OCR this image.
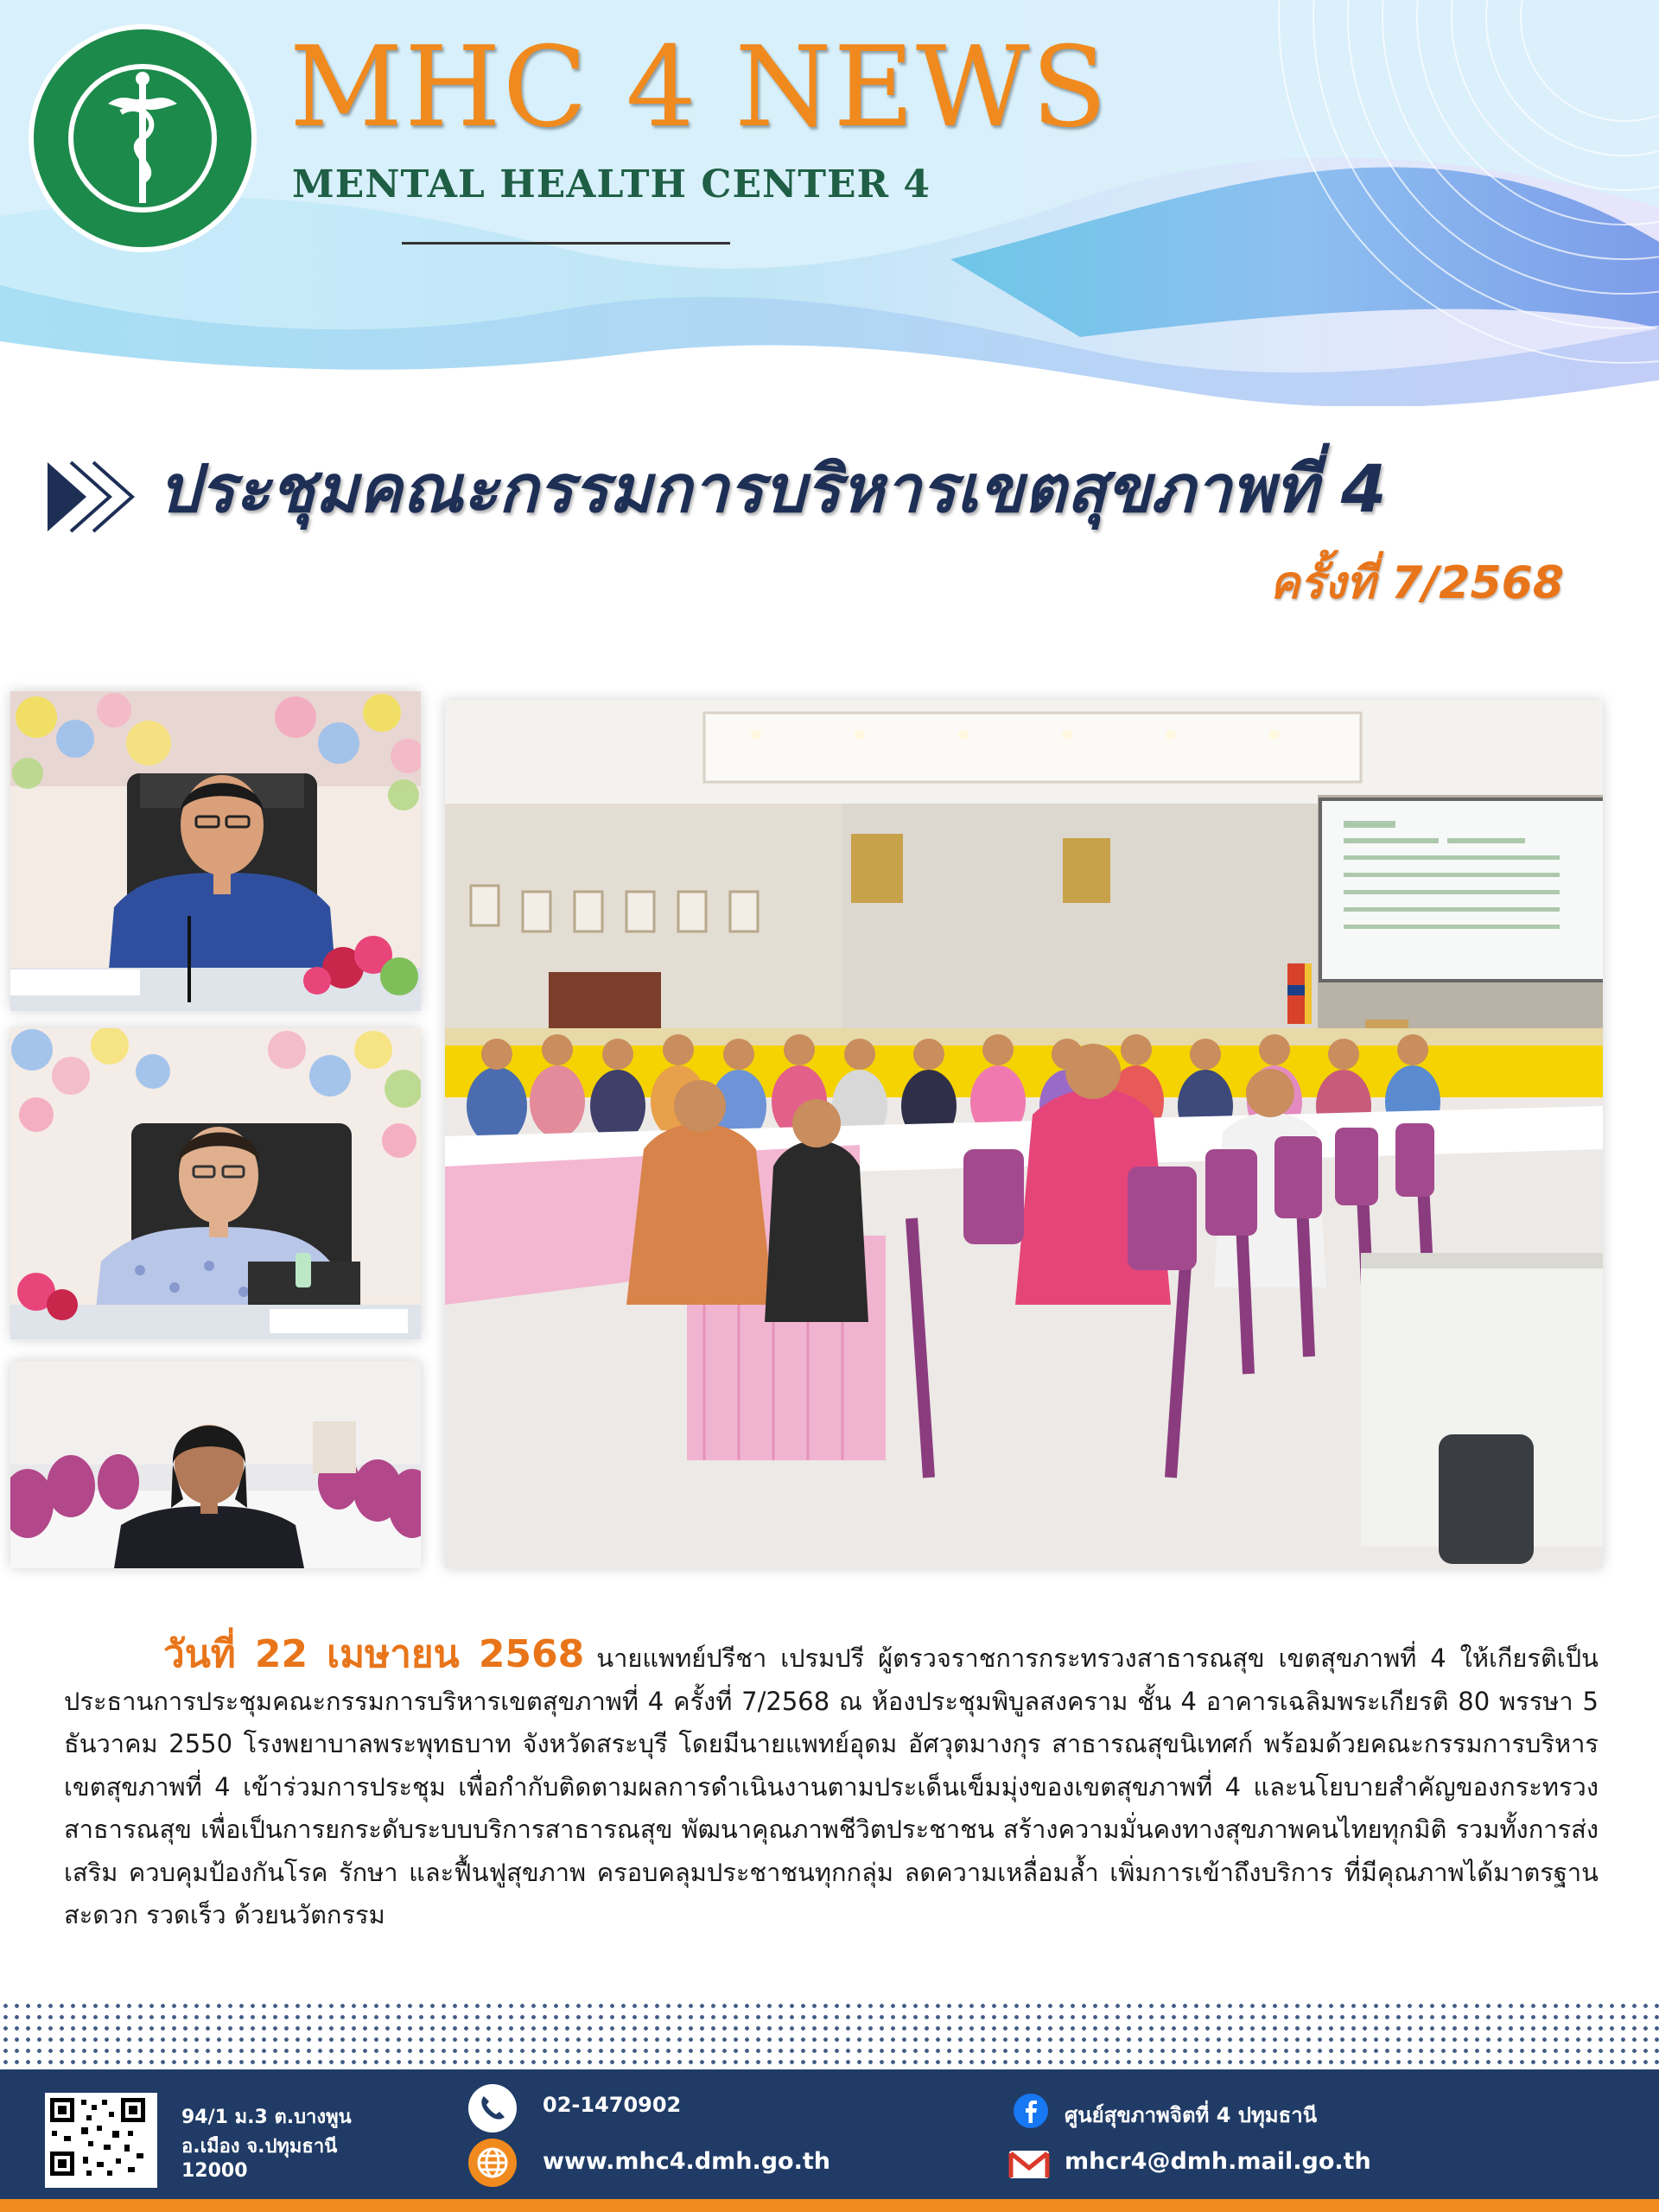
MHC 4 NEWS
MENTAL HEALTH CENTER 4
ประชุมคณะกรรมการบริหารเขตสุขภาพที่ 4
ครั้งที่ 7/2568
วันที่ 22 เมษายน 2568 นายแพทย์ปรีชา เปรมปรี ผู้ตรวจราชการกระทรวงสาธารณสุข เขตสุขภาพที่ 4 ให้เกียรติเป็นประธานการประชุมคณะกรรมการบริหารเขตสุขภาพที่ 4 ครั้งที่ 7/2568 ณ ห้องประชุมพิบูลสงคราม ชั้น 4 อาคารเฉลิมพระเกียรติ 80 พรรษา 5 ธันวาคม 2550 โรงพยาบาลพระพุทธบาท จังหวัดสระบุรี โดยมีนายแพทย์อุดม อัศวุตมางกุร สาธารณสุขนิเทศก์ พร้อมด้วยคณะกรรมการบริหารเขตสุขภาพที่ 4 เข้าร่วมการประชุม เพื่อกำกับติดตามผลการดำเนินงานตามประเด็นเข็มมุ่งของเขตสุขภาพที่ 4 และนโยบายสำคัญของกระทรวงสาธารณสุข เพื่อเป็นการยกระดับระบบบริการสาธารณสุข พัฒนาคุณภาพชีวิตประชาชน สร้างความมั่นคงทางสุขภาพคนไทยทุกมิติ รวมทั้งการส่งเสริม ควบคุมป้องกันโรค รักษา และฟื้นฟูสุขภาพ ครอบคลุมประชาชนทุกกลุ่ม ลดความเหลื่อมล้ำ เพิ่มการเข้าถึงบริการ ที่มีคุณภาพได้มาตรฐาน สะดวก รวดเร็ว ด้วยนวัตกรรม
94/1 ม.3 ต.บางพูน
อ.เมือง จ.ปทุมธานี
12000
02-1470902
www.mhc4.dmh.go.th
ศูนย์สุขภาพจิตที่ 4 ปทุมธานี
mhcr4@dmh.mail.go.th
